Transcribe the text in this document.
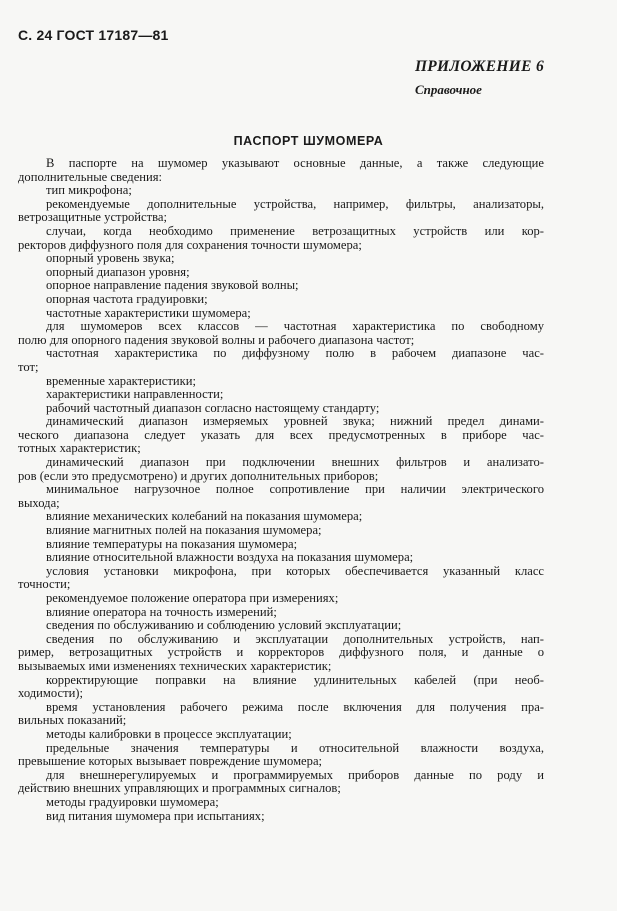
С. 24 ГОСТ 17187—81
ПРИЛОЖЕНИЕ 6
Справочное
ПАСПОРТ ШУМОМЕРА
В паспорте на шумомер указывают основные данные, а также следующие
дополнительные сведения:
тип микрофона;
рекомендуемые дополнительные устройства, например, фильтры, анализаторы,
ветрозащитные устройства;
случаи, когда необходимо применение ветрозащитных устройств или кор-
ректоров диффузного поля для сохранения точности шумомера;
опорный уровень звука;
опорный диапазон уровня;
опорное направление падения звуковой волны;
опорная частота градуировки;
частотные характеристики шумомера;
для шумомеров всех классов — частотная характеристика по свободному
полю для опорного падения звуковой волны и рабочего диапазона частот;
частотная характеристика по диффузному полю в рабочем диапазоне час-
тот;
временные характеристики;
характеристики направленности;
рабочий частотный диапазон согласно настоящему стандарту;
динамический диапазон измеряемых уровней звука; нижний предел динами-
ческого диапазона следует указать для всех предусмотренных в приборе час-
тотных характеристик;
динамический диапазон при подключении внешних фильтров и анализато-
ров (если это предусмотрено) и других дополнительных приборов;
минимальное нагрузочное полное сопротивление при наличии электрического
выхода;
влияние механических колебаний на показания шумомера;
влияние магнитных полей на показания шумомера;
влияние температуры на показания шумомера;
влияние относительной влажности воздуха на показания шумомера;
условия установки микрофона, при которых обеспечивается указанный класс
точности;
рекомендуемое положение оператора при измерениях;
влияние оператора на точность измерений;
сведения по обслуживанию и соблюдению условий эксплуатации;
сведения по обслуживанию и эксплуатации дополнительных устройств, нап-
ример, ветрозащитных устройств и корректоров диффузного поля, и данные о
вызываемых ими изменениях технических характеристик;
корректирующие поправки на влияние удлинительных кабелей (при необ-
ходимости);
время установления рабочего режима после включения для получения пра-
вильных показаний;
методы калибровки в процессе эксплуатации;
предельные значения температуры и относительной влажности воздуха,
превышение которых вызывает повреждение шумомера;
для внешнерегулируемых и программируемых приборов данные по роду и
действию внешних управляющих и программных сигналов;
методы градуировки шумомера;
вид питания шумомера при испытаниях;
